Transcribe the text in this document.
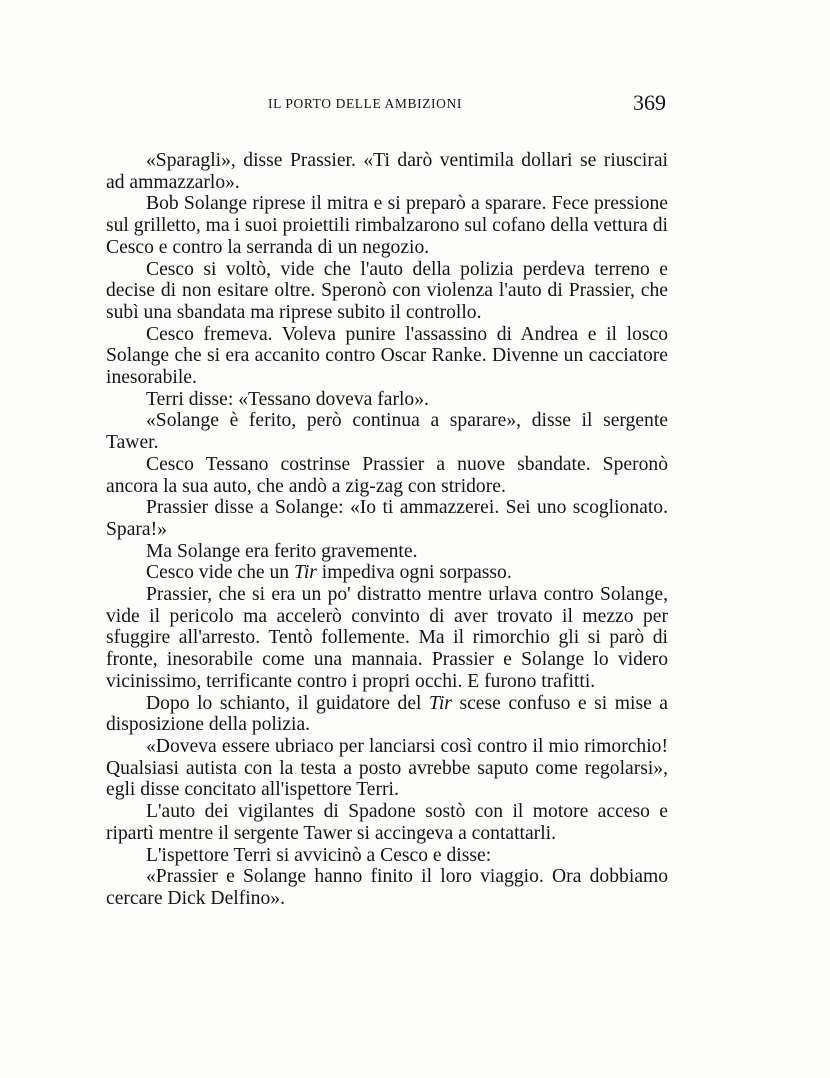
IL PORTO DELLE AMBIZIONI	369

«Sparagli», disse Prassier. «Ti darò ventimila dollari se riuscirai ad ammazzarlo».

Bob Solange riprese il mitra e si preparò a sparare. Fece pressione sul grilletto, ma i suoi proiettili rimbalzarono sul cofano della vettura di Cesco e contro la serranda di un negozio.

Cesco si voltò, vide che l'auto della polizia perdeva terreno e decise di non esitare oltre. Speronò con violenza l'auto di Prassier, che subì una sbandata ma riprese subito il controllo.

Cesco fremeva. Voleva punire l'assassino di Andrea e il losco Solange che si era accanito contro Oscar Ranke. Divenne un cacciatore inesorabile.

Terri disse: «Tessano doveva farlo».

«Solange è ferito, però continua a sparare», disse il sergente Tawer.

Cesco Tessano costrinse Prassier a nuove sbandate. Speronò ancora la sua auto, che andò a zig-zag con stridore.

Prassier disse a Solange: «Io ti ammazzerei. Sei uno scoglionato. Spara!»

Ma Solange era ferito gravemente.

Cesco vide che un Tir impediva ogni sorpasso.

Prassier, che si era un po' distratto mentre urlava contro Solange, vide il pericolo ma accelerò convinto di aver trovato il mezzo per sfuggire all'arresto. Tentò follemente. Ma il rimorchio gli si parò di fronte, inesorabile come una mannaia. Prassier e Solange lo videro vicinissimo, terrificante contro i propri occhi. E furono trafitti.

Dopo lo schianto, il guidatore del Tir scese confuso e si mise a disposizione della polizia.

«Doveva essere ubriaco per lanciarsi così contro il mio rimorchio! Qualsiasi autista con la testa a posto avrebbe saputo come regolarsi», egli disse concitato all'ispettore Terri.

L'auto dei vigilantes di Spadone sostò con il motore acceso e ripartì mentre il sergente Tawer si accingeva a contattarli.

L'ispettore Terri si avvicinò a Cesco e disse:

«Prassier e Solange hanno finito il loro viaggio. Ora dobbiamo cercare Dick Delfino».
